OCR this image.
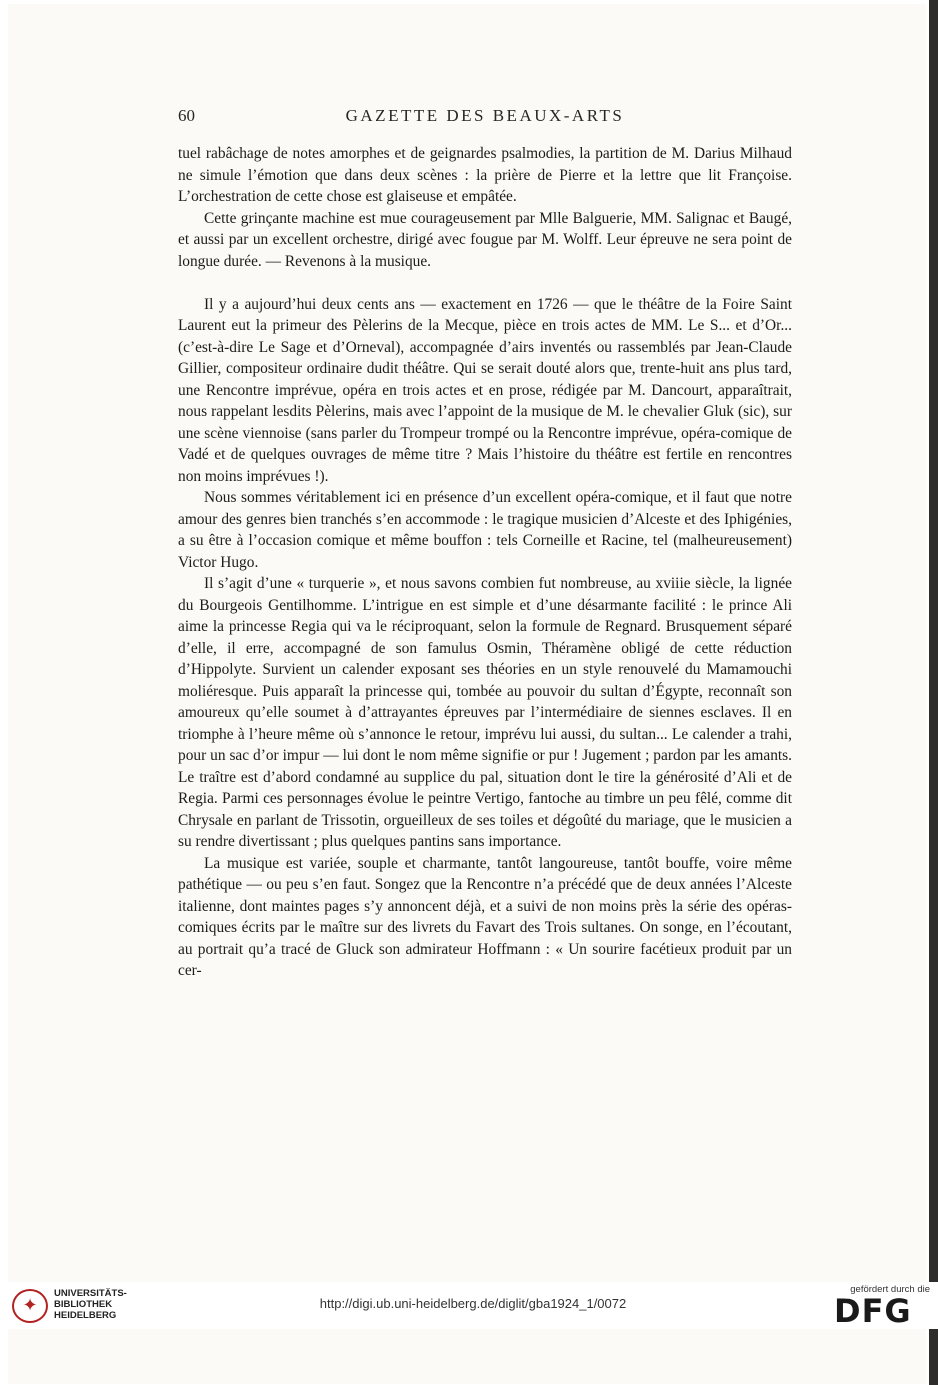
60	GAZETTE DES BEAUX-ARTS

tuel rabâchage de notes amorphes et de geignardes psalmodies, la partition de M. Darius Milhaud ne simule l’émotion que dans deux scènes : la prière de Pierre et la lettre que lit Françoise. L’orchestration de cette chose est glaiseuse et empâtée.

Cette grinçante machine est mue courageusement par Mlle Balguerie, MM. Salignac et Baugé, et aussi par un excellent orchestre, dirigé avec fougue par M. Wolff. Leur épreuve ne sera point de longue durée. — Revenons à la musique.

Il y a aujourd’hui deux cents ans — exactement en 1726 — que le théâtre de la Foire Saint Laurent eut la primeur des Pèlerins de la Mecque, pièce en trois actes de MM. Le S... et d’Or... (c’est-à-dire Le Sage et d’Orneval), accompagnée d’airs inventés ou rassemblés par Jean-Claude Gillier, compositeur ordinaire dudit théâtre. Qui se serait douté alors que, trente-huit ans plus tard, une Rencontre imprévue, opéra en trois actes et en prose, rédigée par M. Dancourt, apparaîtrait, nous rappelant lesdits Pèlerins, mais avec l’appoint de la musique de M. le chevalier Gluk (sic), sur une scène viennoise (sans parler du Trompeur trompé ou la Rencontre imprévue, opéra-comique de Vadé et de quelques ouvrages de même titre ? Mais l’histoire du théâtre est fertile en rencontres non moins imprévues !).

Nous sommes véritablement ici en présence d’un excellent opéra-comique, et il faut que notre amour des genres bien tranchés s’en accommode : le tragique musicien d’Alceste et des Iphigénies, a su être à l’occasion comique et même bouffon : tels Corneille et Racine, tel (malheureusement) Victor Hugo.

Il s’agit d’une « turquerie », et nous savons combien fut nombreuse, au xviiie siècle, la lignée du Bourgeois Gentilhomme. L’intrigue en est simple et d’une désarmante facilité : le prince Ali aime la princesse Regia qui va le réciproquant, selon la formule de Regnard. Brusquement séparé d’elle, il erre, accompagné de son famulus Osmin, Théramène obligé de cette réduction d’Hippolyte. Survient un calender exposant ses théories en un style renouvelé du Mamamouchi moliéresque. Puis apparaît la princesse qui, tombée au pouvoir du sultan d’Égypte, reconnaît son amoureux qu’elle soumet à d’attrayantes épreuves par l’intermédiaire de siennes esclaves. Il en triomphe à l’heure même où s’annonce le retour, imprévu lui aussi, du sultan... Le calender a trahi, pour un sac d’or impur — lui dont le nom même signifie or pur ! Jugement ; pardon par les amants. Le traître est d’abord condamné au supplice du pal, situation dont le tire la générosité d’Ali et de Regia. Parmi ces personnages évolue le peintre Vertigo, fantoche au timbre un peu fêlé, comme dit Chrysale en parlant de Trissotin, orgueilleux de ses toiles et dégoûté du mariage, que le musicien a su rendre divertissant ; plus quelques pantins sans importance.

La musique est variée, souple et charmante, tantôt langoureuse, tantôt bouffe, voire même pathétique — ou peu s’en faut. Songez que la Rencontre n’a précédé que de deux années l’Alceste italienne, dont maintes pages s’y annoncent déjà, et a suivi de non moins près la série des opéras-comiques écrits par le maître sur des livrets du Favart des Trois sultanes. On songe, en l’écoutant, au portrait qu’a tracé de Gluck son admirateur Hoffmann : « Un sourire facétieux produit par un cer-

✦
UNIVERSITÄTS-
BIBLIOTHEK
HEIDELBERG
http://digi.ub.uni-heidelberg.de/diglit/gba1924_1/0072
gefördert durch die
DFG
